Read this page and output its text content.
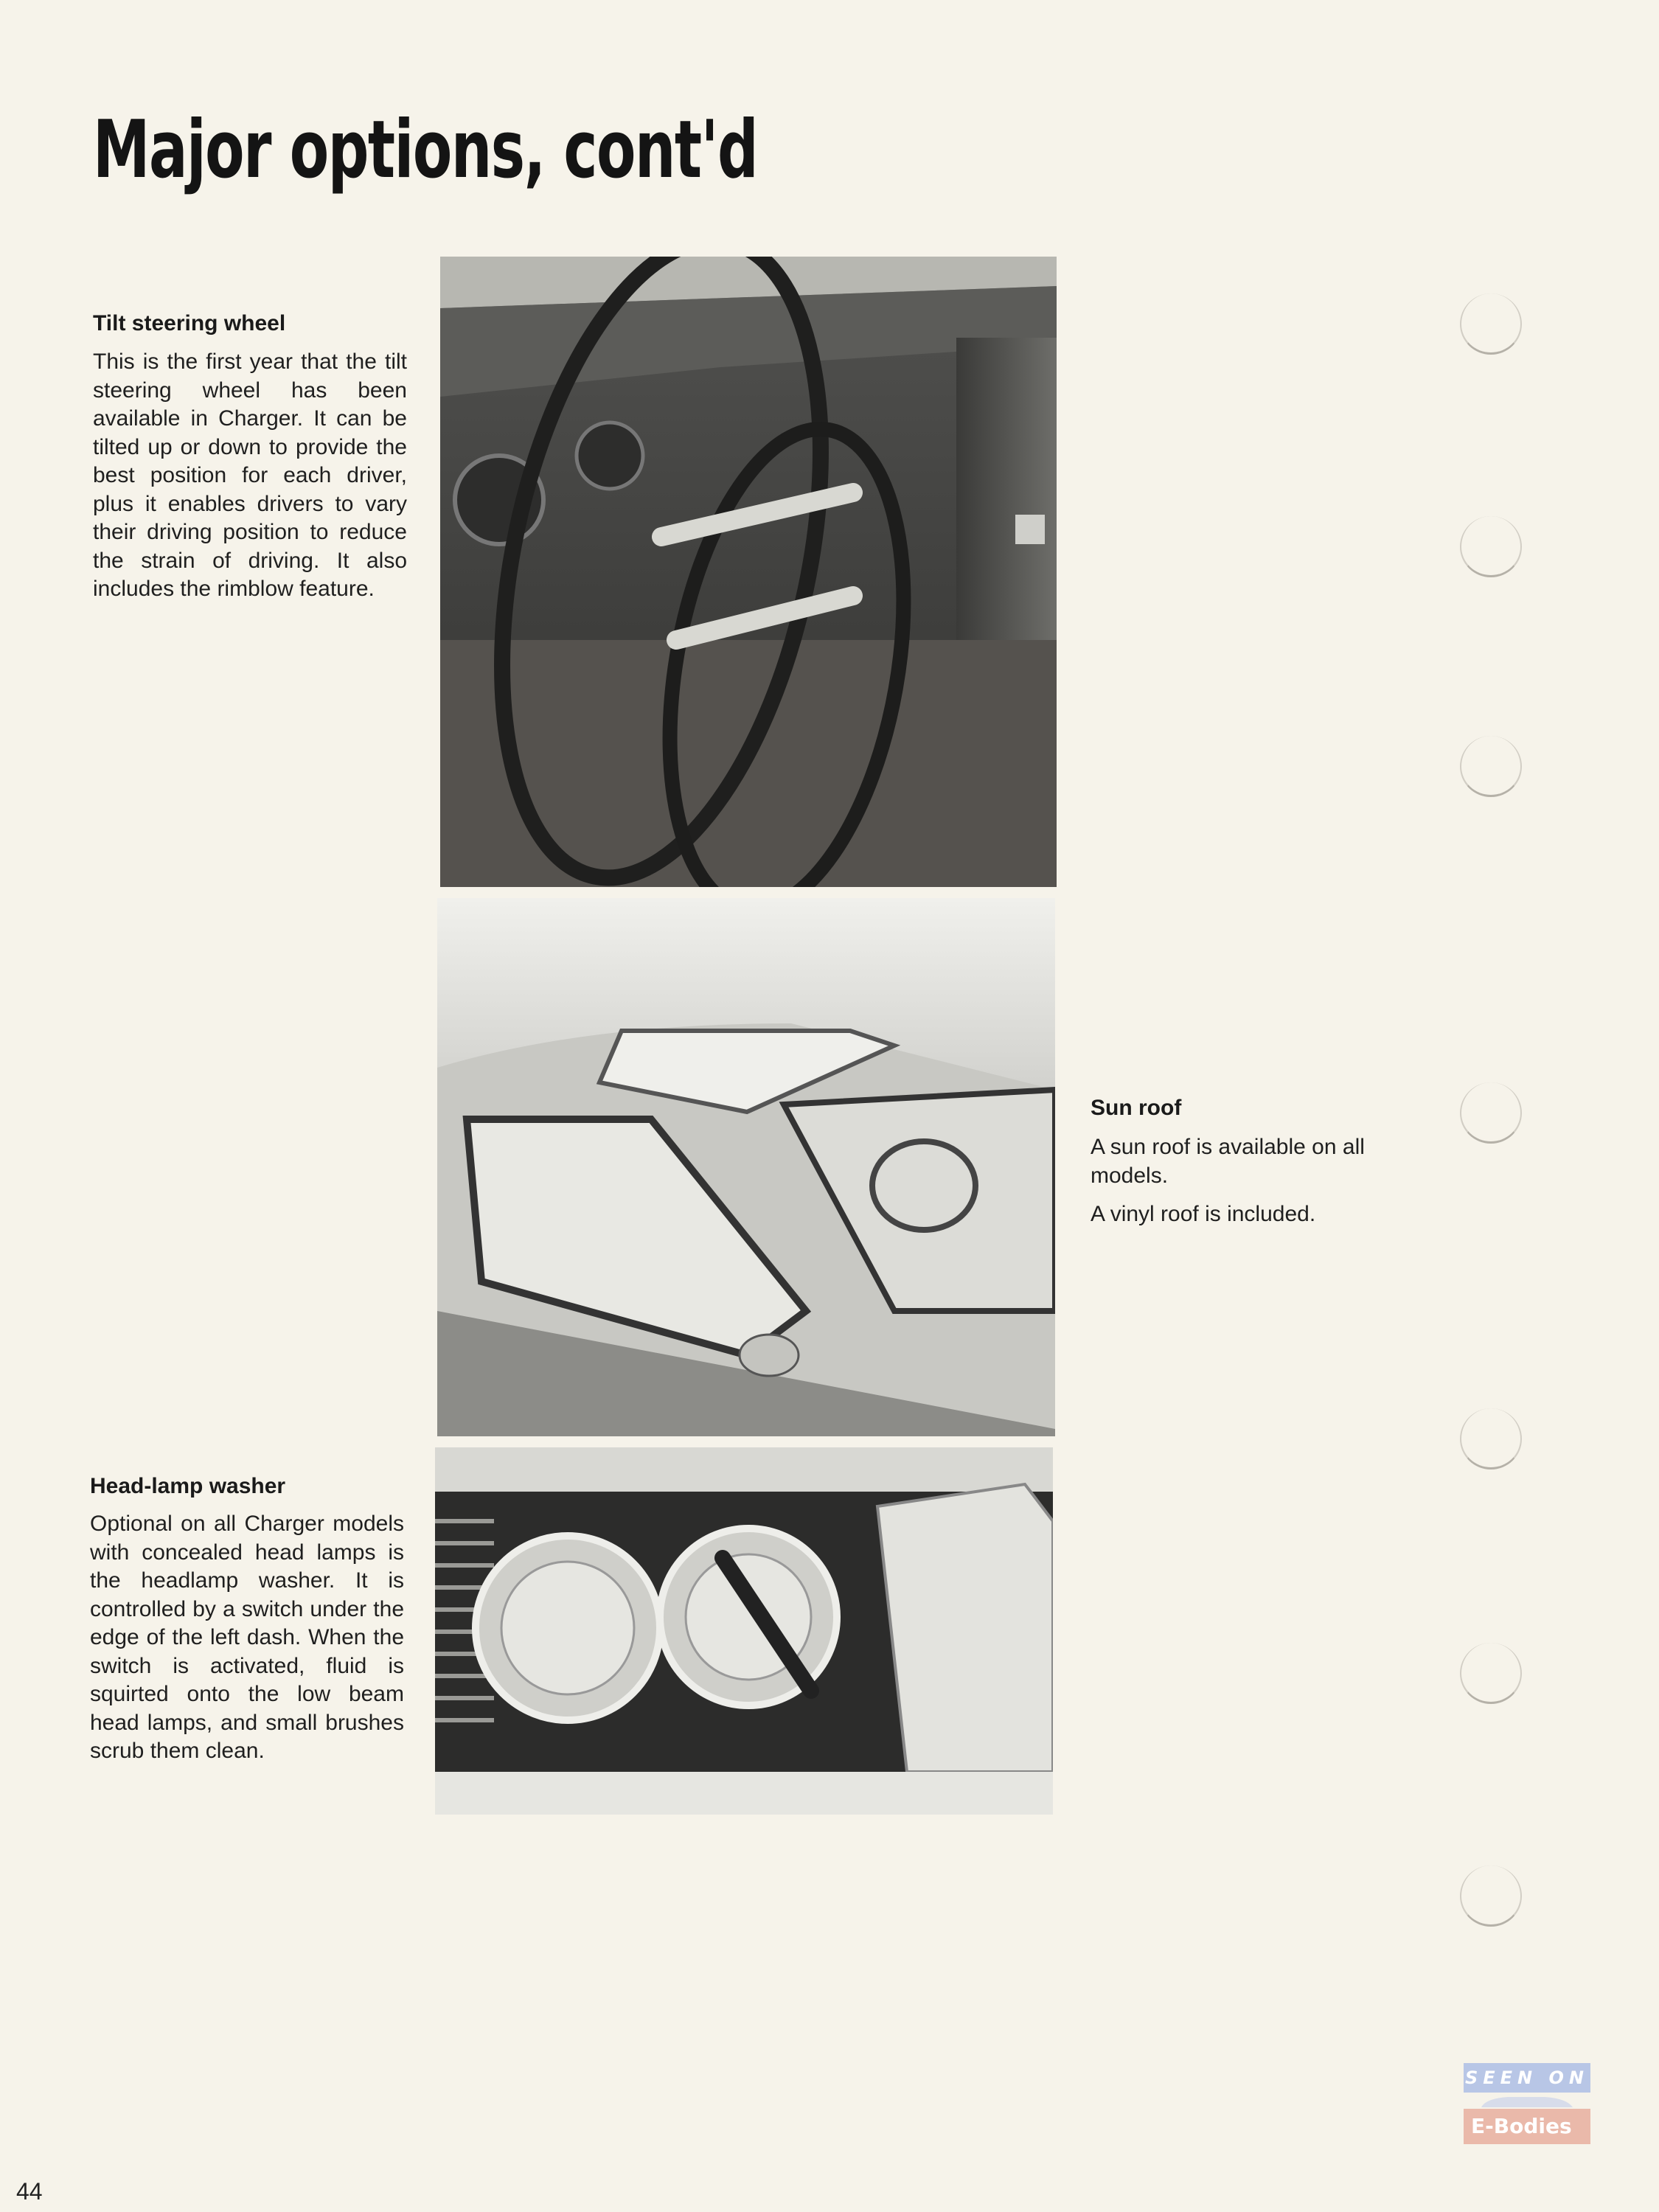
Major options, cont'd
Tilt steering wheel

This is the first year that the tilt steering wheel has been available in Charger. It can be tilted up or down to provide the best position for each driver, plus it enables drivers to vary their driving position to reduce the strain of driving. It also includes the rimblow feature.

Sun roof

A sun roof is available on all models.

A vinyl roof is included.

Head-lamp washer

Optional on all Charger models with concealed head lamps is the headlamp washer. It is controlled by a switch under the edge of the left dash. When the switch is activated, fluid is squirted onto the low beam head lamps, and small brushes scrub them clean.

44
SEEN ON
E-Bodies
